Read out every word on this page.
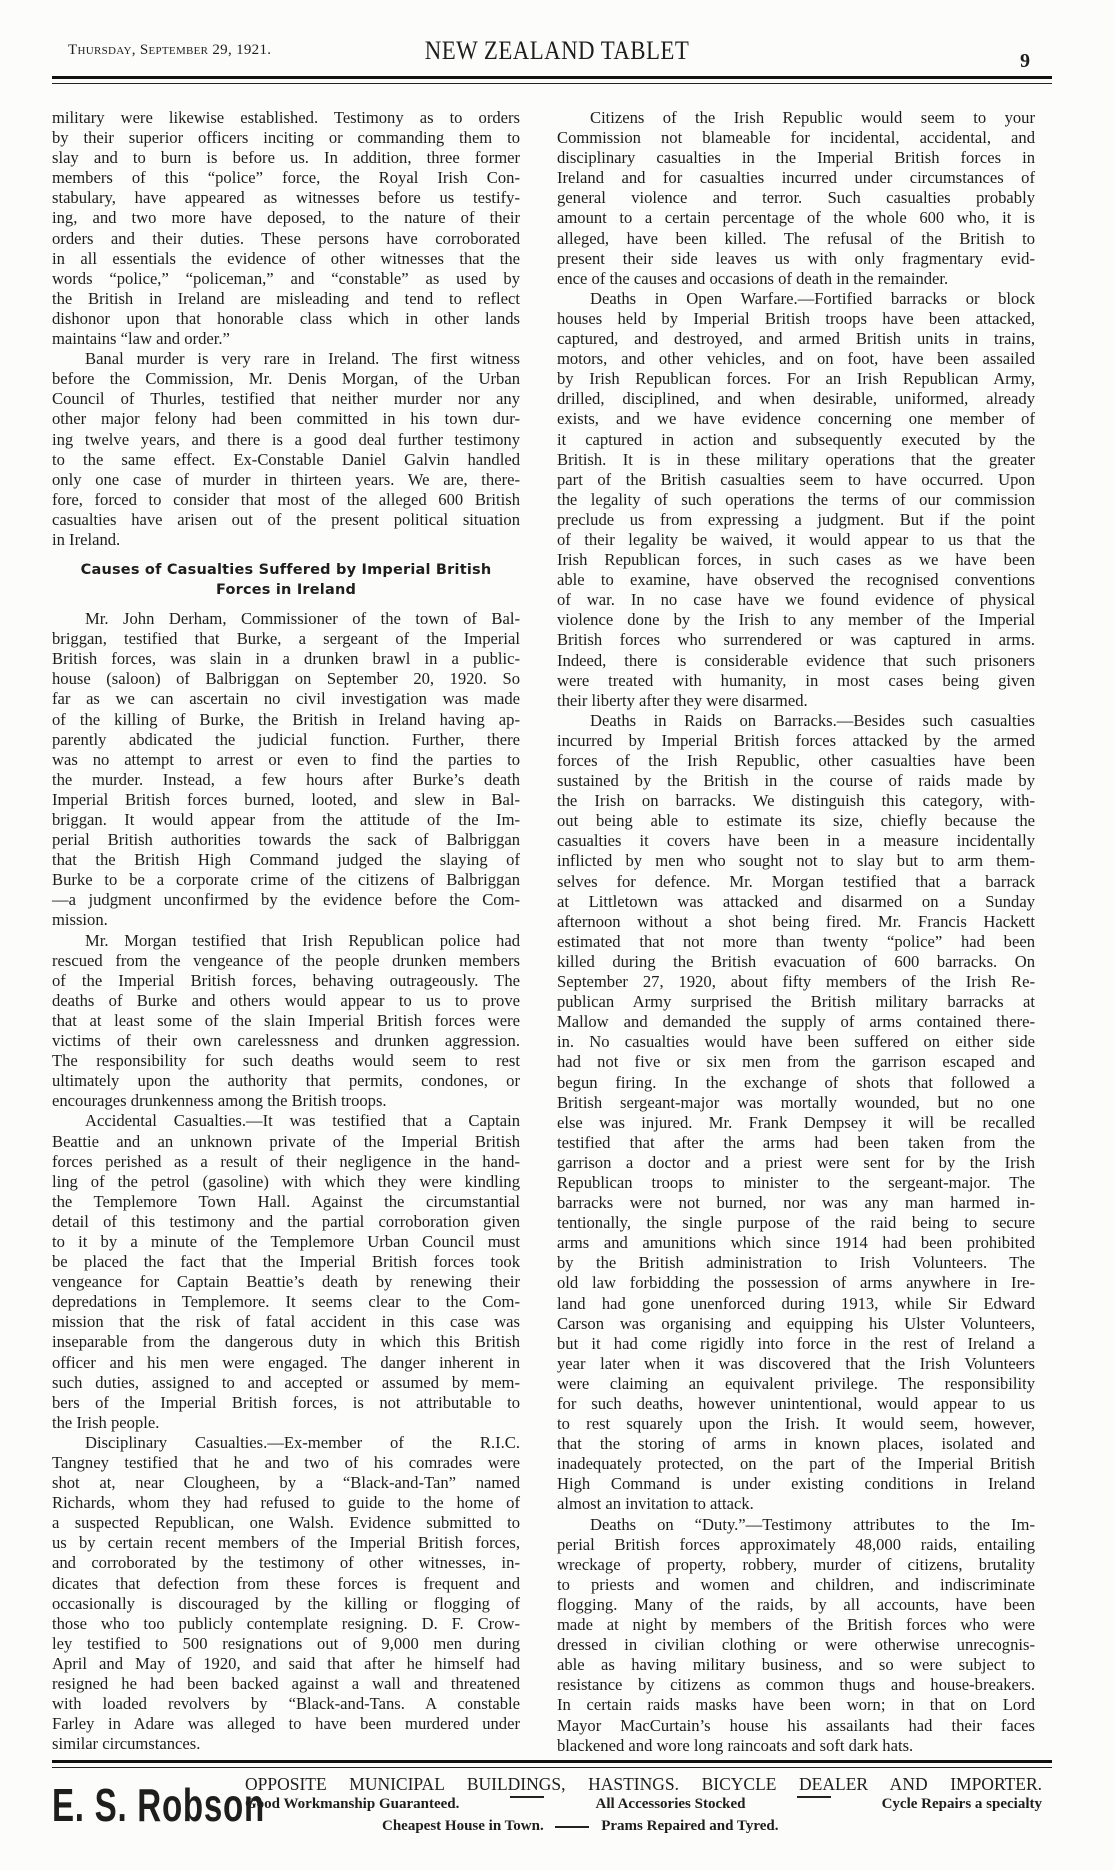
Thursday, September 29, 1921.	NEW ZEALAND TABLET	9
military were likewise established. Testimony as to orders
by their superior officers inciting or commanding them to
slay and to burn is before us. In addition, three former
members of this “police” force, the Royal Irish Con-
stabulary, have appeared as witnesses before us testify-
ing, and two more have deposed, to the nature of their
orders and their duties. These persons have corroborated
in all essentials the evidence of other witnesses that the
words “police,” “policeman,” and “constable” as used by
the British in Ireland are misleading and tend to reflect
dishonor upon that honorable class which in other lands
maintains “law and order.”
Banal murder is very rare in Ireland. The first witness
before the Commission, Mr. Denis Morgan, of the Urban
Council of Thurles, testified that neither murder nor any
other major felony had been committed in his town dur-
ing twelve years, and there is a good deal further testimony
to the same effect. Ex-Constable Daniel Galvin handled
only one case of murder in thirteen years. We are, there-
fore, forced to consider that most of the alleged 600 British
casualties have arisen out of the present political situation
in Ireland.
Causes of Casualties Suffered by Imperial British
Forces in Ireland
Mr. John Derham, Commissioner of the town of Bal-
briggan, testified that Burke, a sergeant of the Imperial
British forces, was slain in a drunken brawl in a public-
house (saloon) of Balbriggan on September 20, 1920. So
far as we can ascertain no civil investigation was made
of the killing of Burke, the British in Ireland having ap-
parently abdicated the judicial function. Further, there
was no attempt to arrest or even to find the parties to
the murder. Instead, a few hours after Burke’s death
Imperial British forces burned, looted, and slew in Bal-
briggan. It would appear from the attitude of the Im-
perial British authorities towards the sack of Balbriggan
that the British High Command judged the slaying of
Burke to be a corporate crime of the citizens of Balbriggan
—a judgment unconfirmed by the evidence before the Com-
mission.
Mr. Morgan testified that Irish Republican police had
rescued from the vengeance of the people drunken members
of the Imperial British forces, behaving outrageously. The
deaths of Burke and others would appear to us to prove
that at least some of the slain Imperial British forces were
victims of their own carelessness and drunken aggression.
The responsibility for such deaths would seem to rest
ultimately upon the authority that permits, condones, or
encourages drunkenness among the British troops.
Accidental Casualties.—It was testified that a Captain
Beattie and an unknown private of the Imperial British
forces perished as a result of their negligence in the hand-
ling of the petrol (gasoline) with which they were kindling
the Templemore Town Hall. Against the circumstantial
detail of this testimony and the partial corroboration given
to it by a minute of the Templemore Urban Council must
be placed the fact that the Imperial British forces took
vengeance for Captain Beattie’s death by renewing their
depredations in Templemore. It seems clear to the Com-
mission that the risk of fatal accident in this case was
inseparable from the dangerous duty in which this British
officer and his men were engaged. The danger inherent in
such duties, assigned to and accepted or assumed by mem-
bers of the Imperial British forces, is not attributable to
the Irish people.
Disciplinary Casualties.—Ex-member of the R.I.C.
Tangney testified that he and two of his comrades were
shot at, near Clougheen, by a “Black-and-Tan” named
Richards, whom they had refused to guide to the home of
a suspected Republican, one Walsh. Evidence submitted to
us by certain recent members of the Imperial British forces,
and corroborated by the testimony of other witnesses, in-
dicates that defection from these forces is frequent and
occasionally is discouraged by the killing or flogging of
those who too publicly contemplate resigning. D. F. Crow-
ley testified to 500 resignations out of 9,000 men during
April and May of 1920, and said that after he himself had
resigned he had been backed against a wall and threatened
with loaded revolvers by “Black-and-Tans. A constable
Farley in Adare was alleged to have been murdered under
similar circumstances.
Citizens of the Irish Republic would seem to your
Commission not blameable for incidental, accidental, and
disciplinary casualties in the Imperial British forces in
Ireland and for casualties incurred under circumstances of
general violence and terror. Such casualties probably
amount to a certain percentage of the whole 600 who, it is
alleged, have been killed. The refusal of the British to
present their side leaves us with only fragmentary evid-
ence of the causes and occasions of death in the remainder.
Deaths in Open Warfare.—Fortified barracks or block
houses held by Imperial British troops have been attacked,
captured, and destroyed, and armed British units in trains,
motors, and other vehicles, and on foot, have been assailed
by Irish Republican forces. For an Irish Republican Army,
drilled, disciplined, and when desirable, uniformed, already
exists, and we have evidence concerning one member of
it captured in action and subsequently executed by the
British. It is in these military operations that the greater
part of the British casualties seem to have occurred. Upon
the legality of such operations the terms of our commission
preclude us from expressing a judgment. But if the point
of their legality be waived, it would appear to us that the
Irish Republican forces, in such cases as we have been
able to examine, have observed the recognised conventions
of war. In no case have we found evidence of physical
violence done by the Irish to any member of the Imperial
British forces who surrendered or was captured in arms.
Indeed, there is considerable evidence that such prisoners
were treated with humanity, in most cases being given
their liberty after they were disarmed.
Deaths in Raids on Barracks.—Besides such casualties
incurred by Imperial British forces attacked by the armed
forces of the Irish Republic, other casualties have been
sustained by the British in the course of raids made by
the Irish on barracks. We distinguish this category, with-
out being able to estimate its size, chiefly because the
casualties it covers have been in a measure incidentally
inflicted by men who sought not to slay but to arm them-
selves for defence. Mr. Morgan testified that a barrack
at Littletown was attacked and disarmed on a Sunday
afternoon without a shot being fired. Mr. Francis Hackett
estimated that not more than twenty “police” had been
killed during the British evacuation of 600 barracks. On
September 27, 1920, about fifty members of the Irish Re-
publican Army surprised the British military barracks at
Mallow and demanded the supply of arms contained there-
in. No casualties would have been suffered on either side
had not five or six men from the garrison escaped and
begun firing. In the exchange of shots that followed a
British sergeant-major was mortally wounded, but no one
else was injured. Mr. Frank Dempsey it will be recalled
testified that after the arms had been taken from the
garrison a doctor and a priest were sent for by the Irish
Republican troops to minister to the sergeant-major. The
barracks were not burned, nor was any man harmed in-
tentionally, the single purpose of the raid being to secure
arms and amunitions which since 1914 had been prohibited
by the British administration to Irish Volunteers. The
old law forbidding the possession of arms anywhere in Ire-
land had gone unenforced during 1913, while Sir Edward
Carson was organising and equipping his Ulster Volunteers,
but it had come rigidly into force in the rest of Ireland a
year later when it was discovered that the Irish Volunteers
were claiming an equivalent privilege. The responsibility
for such deaths, however unintentional, would appear to us
to rest squarely upon the Irish. It would seem, however,
that the storing of arms in known places, isolated and
inadequately protected, on the part of the Imperial British
High Command is under existing conditions in Ireland
almost an invitation to attack.
Deaths on “Duty.”—Testimony attributes to the Im-
perial British forces approximately 48,000 raids, entailing
wreckage of property, robbery, murder of citizens, brutality
to priests and women and children, and indiscriminate
flogging. Many of the raids, by all accounts, have been
made at night by members of the British forces who were
dressed in civilian clothing or were otherwise unrecognis-
able as having military business, and so were subject to
resistance by citizens as common thugs and house-breakers.
In certain raids masks have been worn; in that on Lord
Mayor MacCurtain’s house his assailants had their faces
blackened and wore long raincoats and soft dark hats.
E. S. Robson
OPPOSITE MUNICIPAL BUILDINGS, HASTINGS. BICYCLE DEALER AND IMPORTER.
Good Workmanship Guaranteed.	All Accessories Stocked	Cycle Repairs a specialty
Cheapest House in Town.	Prams Repaired and Tyred.
